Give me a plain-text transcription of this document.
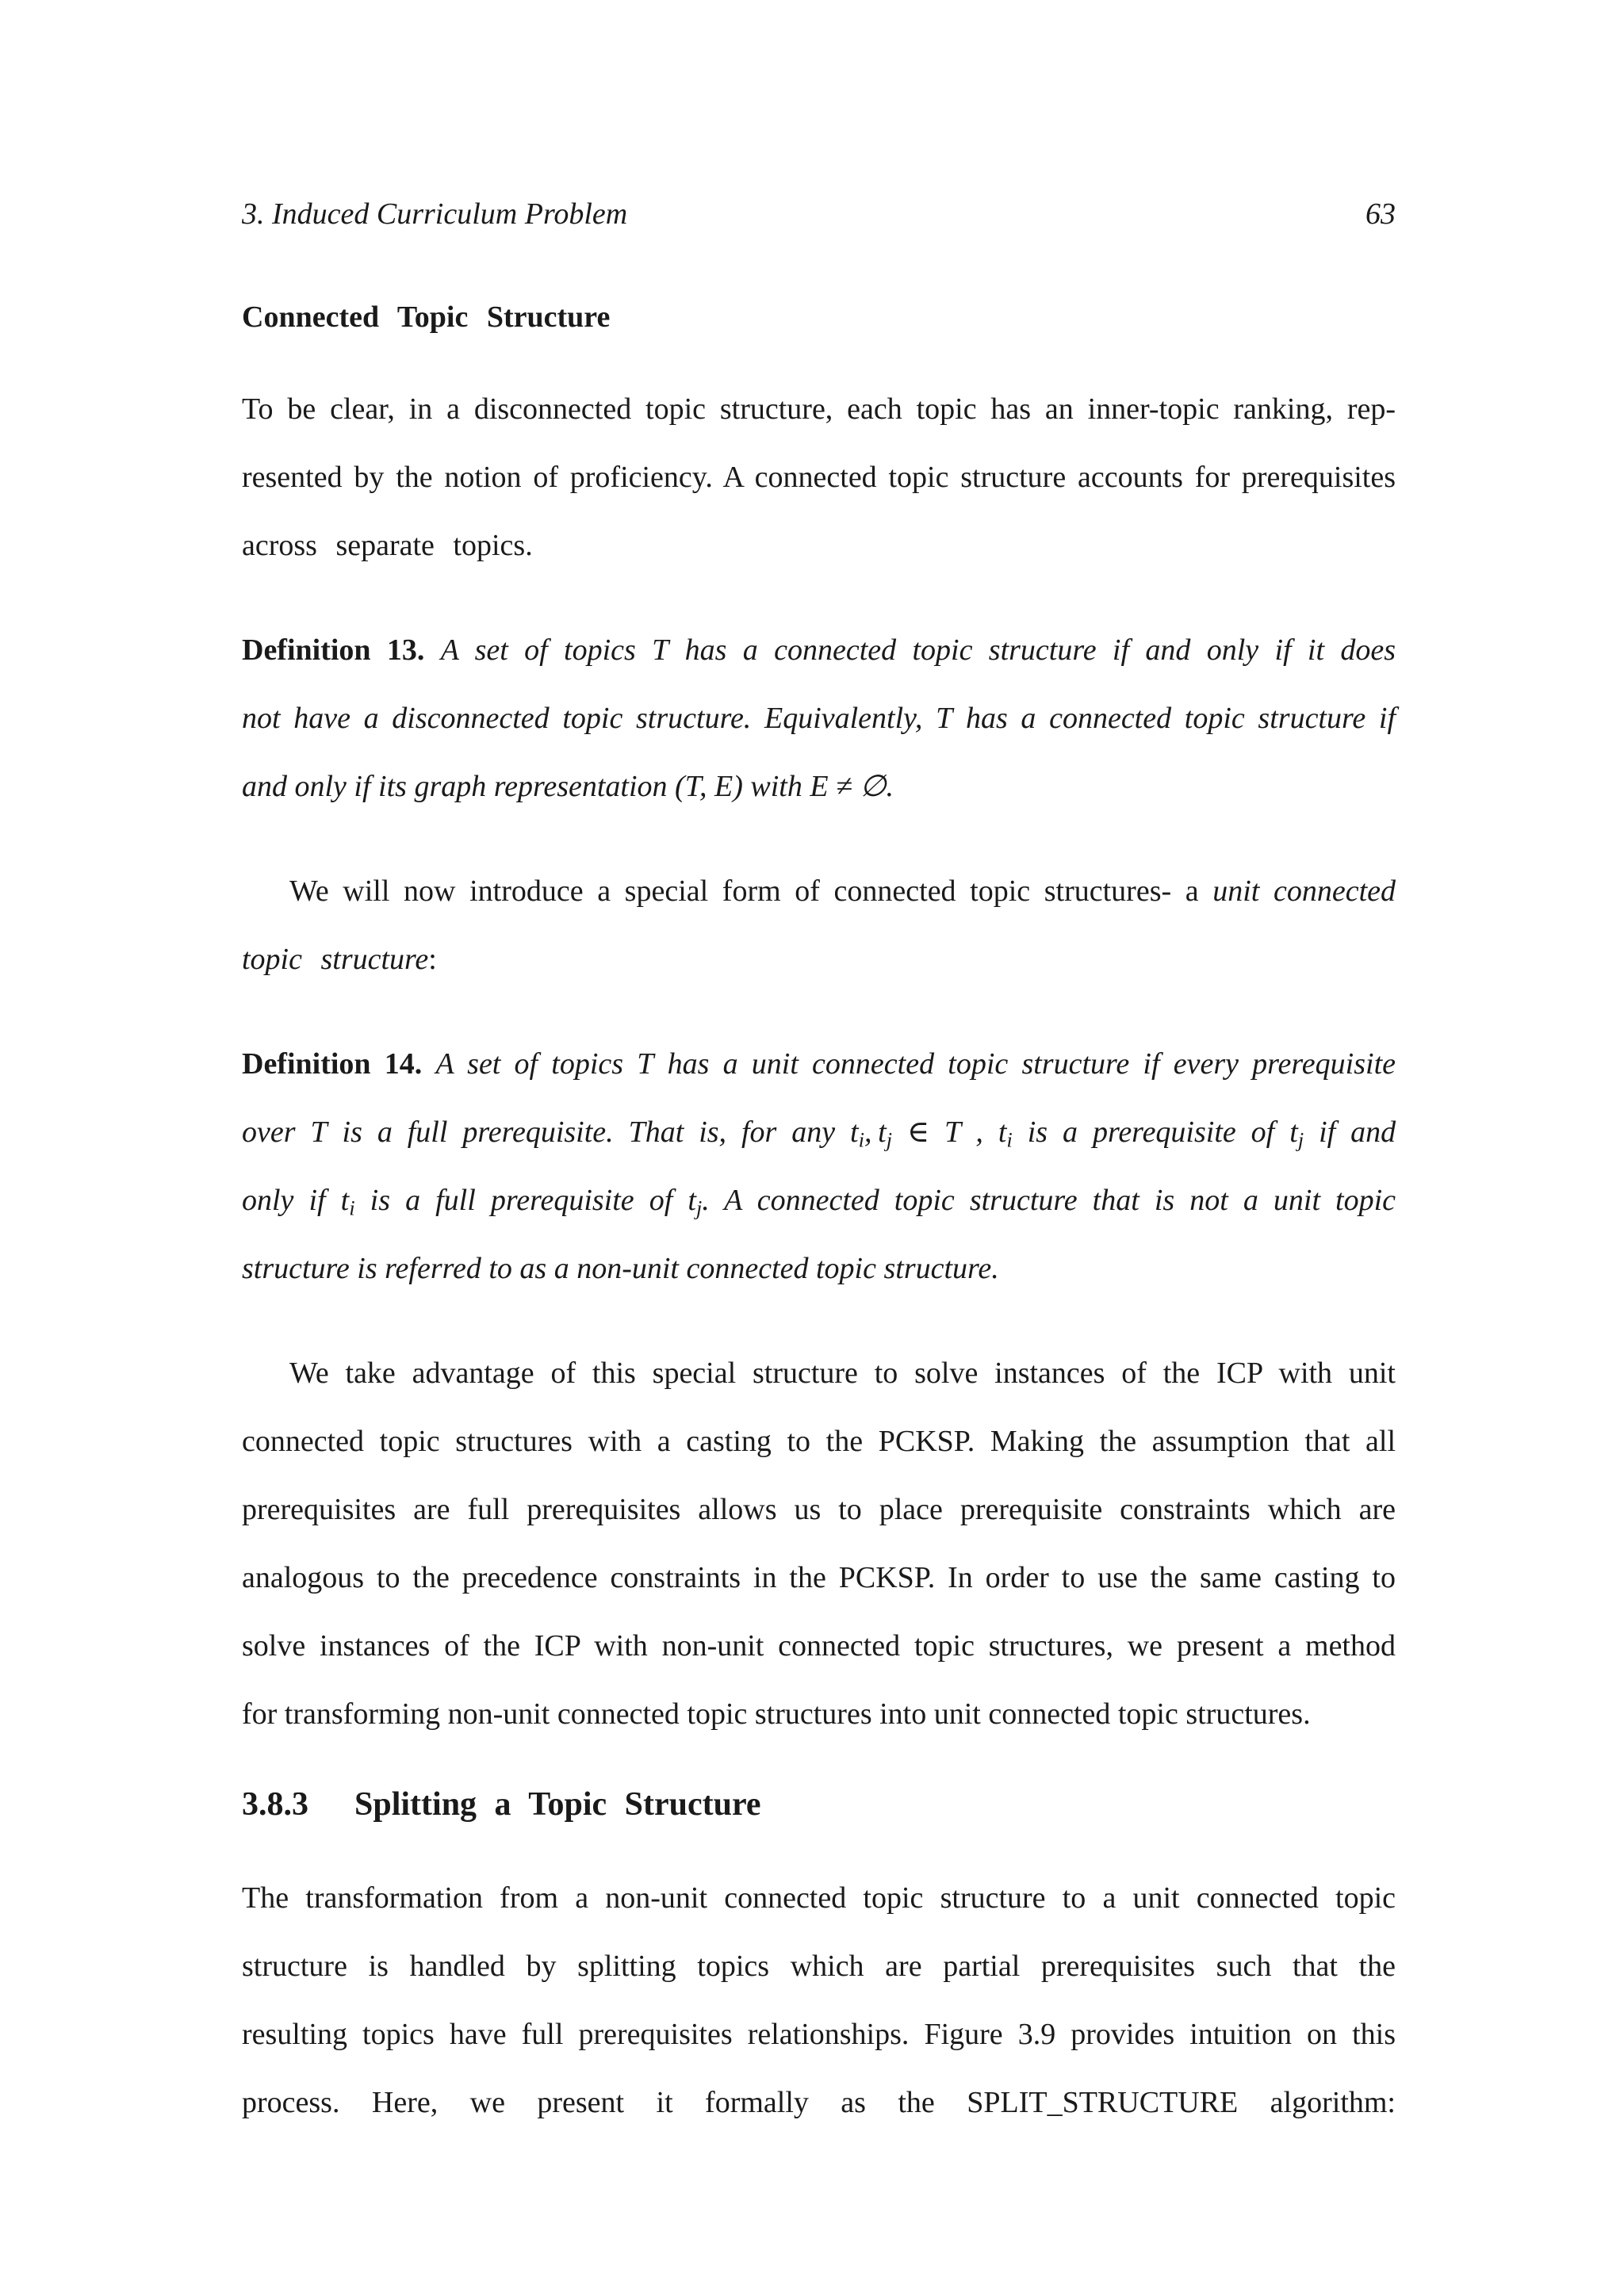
3. Induced Curriculum Problem	63
Connected Topic Structure
To be clear, in a disconnected topic structure, each topic has an inner-topic ranking, rep-
resented by the notion of proficiency. A connected topic structure accounts for prerequisites
across separate topics.
Definition 13. A set of topics T has a connected topic structure if and only if it does
not have a disconnected topic structure. Equivalently, T has a connected topic structure if
and only if its graph representation (T, E) with E ≠ ∅.
We will now introduce a special form of connected topic structures- a unit connected
topic structure:
Definition 14. A set of topics T has a unit connected topic structure if every prerequisite
over T is a full prerequisite. That is, for any $t_i$, $t_j$ ∈ T , $t_i$ is a prerequisite of $t_j$ if and
only if $t_i$ is a full prerequisite of $t_j$. A connected topic structure that is not a unit topic
structure is referred to as a non-unit connected topic structure.
We take advantage of this special structure to solve instances of the ICP with unit
connected topic structures with a casting to the PCKSP. Making the assumption that all
prerequisites are full prerequisites allows us to place prerequisite constraints which are
analogous to the precedence constraints in the PCKSP. In order to use the same casting to
solve instances of the ICP with non-unit connected topic structures, we present a method
for transforming non-unit connected topic structures into unit connected topic structures.
3.8.3 Splitting a Topic Structure
The transformation from a non-unit connected topic structure to a unit connected topic
structure is handled by splitting topics which are partial prerequisites such that the
resulting topics have full prerequisites relationships. Figure 3.9 provides intuition on this
process. Here, we present it formally as the SPLIT_STRUCTURE algorithm:
